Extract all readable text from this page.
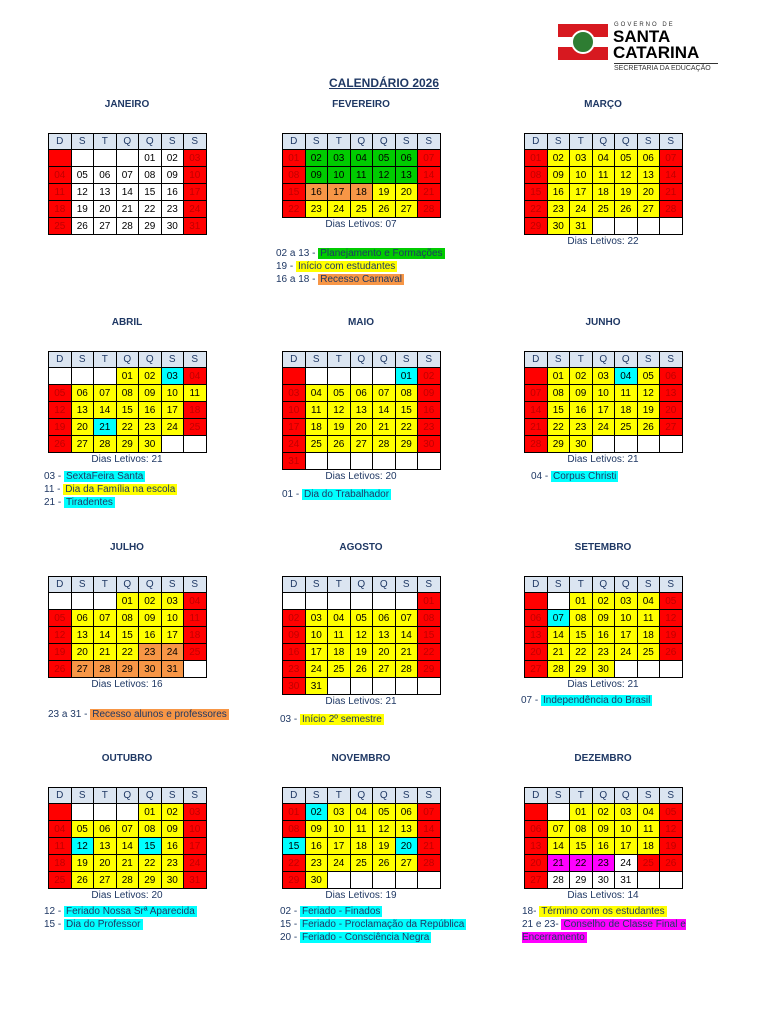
GOVERNO DE
SANTA
CATARINA
SECRETARIA DA EDUCAÇÃO
CALENDÁRIO 2026
JANEIRO
D	S	T	Q	Q	S	S
				01	02	03
04	05	06	07	08	09	10
11	12	13	14	15	16	17
18	19	20	21	22	23	24
25	26	27	28	29	30	31
FEVEREIRO
D	S	T	Q	Q	S	S
01	02	03	04	05	06	07
08	09	10	11	12	13	14
15	16	17	18	19	20	21
22	23	24	25	26	27	28
Dias Letivos: 07
MARÇO
D	S	T	Q	Q	S	S
01	02	03	04	05	06	07
08	09	10	11	12	13	14
15	16	17	18	19	20	21
22	23	24	25	26	27	28
29	30	31				
Dias Letivos: 22
ABRIL
D	S	T	Q	Q	S	S
			01	02	03	04
05	06	07	08	09	10	11
12	13	14	15	16	17	18
19	20	21	22	23	24	25
26	27	28	29	30		
Dias Letivos: 21
MAIO
D	S	T	Q	Q	S	S
					01	02
03	04	05	06	07	08	09
10	11	12	13	14	15	16
17	18	19	20	21	22	23
24	25	26	27	28	29	30
31						
Dias Letivos: 20
JUNHO
D	S	T	Q	Q	S	S
	01	02	03	04	05	06
07	08	09	10	11	12	13
14	15	16	17	18	19	20
21	22	23	24	25	26	27
28	29	30				
Dias Letivos: 21
JULHO
D	S	T	Q	Q	S	S
			01	02	03	04
05	06	07	08	09	10	11
12	13	14	15	16	17	18
19	20	21	22	23	24	25
26	27	28	29	30	31	
Dias Letivos: 16
AGOSTO
D	S	T	Q	Q	S	S
						01
02	03	04	05	06	07	08
09	10	11	12	13	14	15
16	17	18	19	20	21	22
23	24	25	26	27	28	29
30	31					
Dias Letivos: 21
SETEMBRO
D	S	T	Q	Q	S	S
		01	02	03	04	05
06	07	08	09	10	11	12
13	14	15	16	17	18	19
20	21	22	23	24	25	26
27	28	29	30			
Dias Letivos: 21
OUTUBRO
D	S	T	Q	Q	S	S
				01	02	03
04	05	06	07	08	09	10
11	12	13	14	15	16	17
18	19	20	21	22	23	24
25	26	27	28	29	30	31
Dias Letivos: 20
NOVEMBRO
D	S	T	Q	Q	S	S
01	02	03	04	05	06	07
08	09	10	11	12	13	14
15	16	17	18	19	20	21
22	23	24	25	26	27	28
29	30					
Dias Letivos: 19
DEZEMBRO
D	S	T	Q	Q	S	S
		01	02	03	04	05
06	07	08	09	10	11	12
13	14	15	16	17	18	19
20	21	22	23	24	25	26
27	28	29	30	31		
Dias Letivos: 14
02 a 13 - Planejamento e Formações
19 - Início com estudantes
16 a 18 - Recesso Carnaval
03 - SextaFeira Santa
11 - Dia da Família na escola
21 - Tiradentes
01 - Dia do Trabalhador
04 - Corpus Christi
23 a 31 - Recesso alunos e professores	03 - Início 2º semestre
07 - Independência do Brasil
12 - Feriado Nossa Srª Aparecida
15 - Dia do Professor
02 - Feriado - Finados
15 - Feriado - Proclamação da República
20 - Feriado - Consciência Negra
18- Término com os estudantes
21 e 23- Conselho de Classe Final e Encerramento
